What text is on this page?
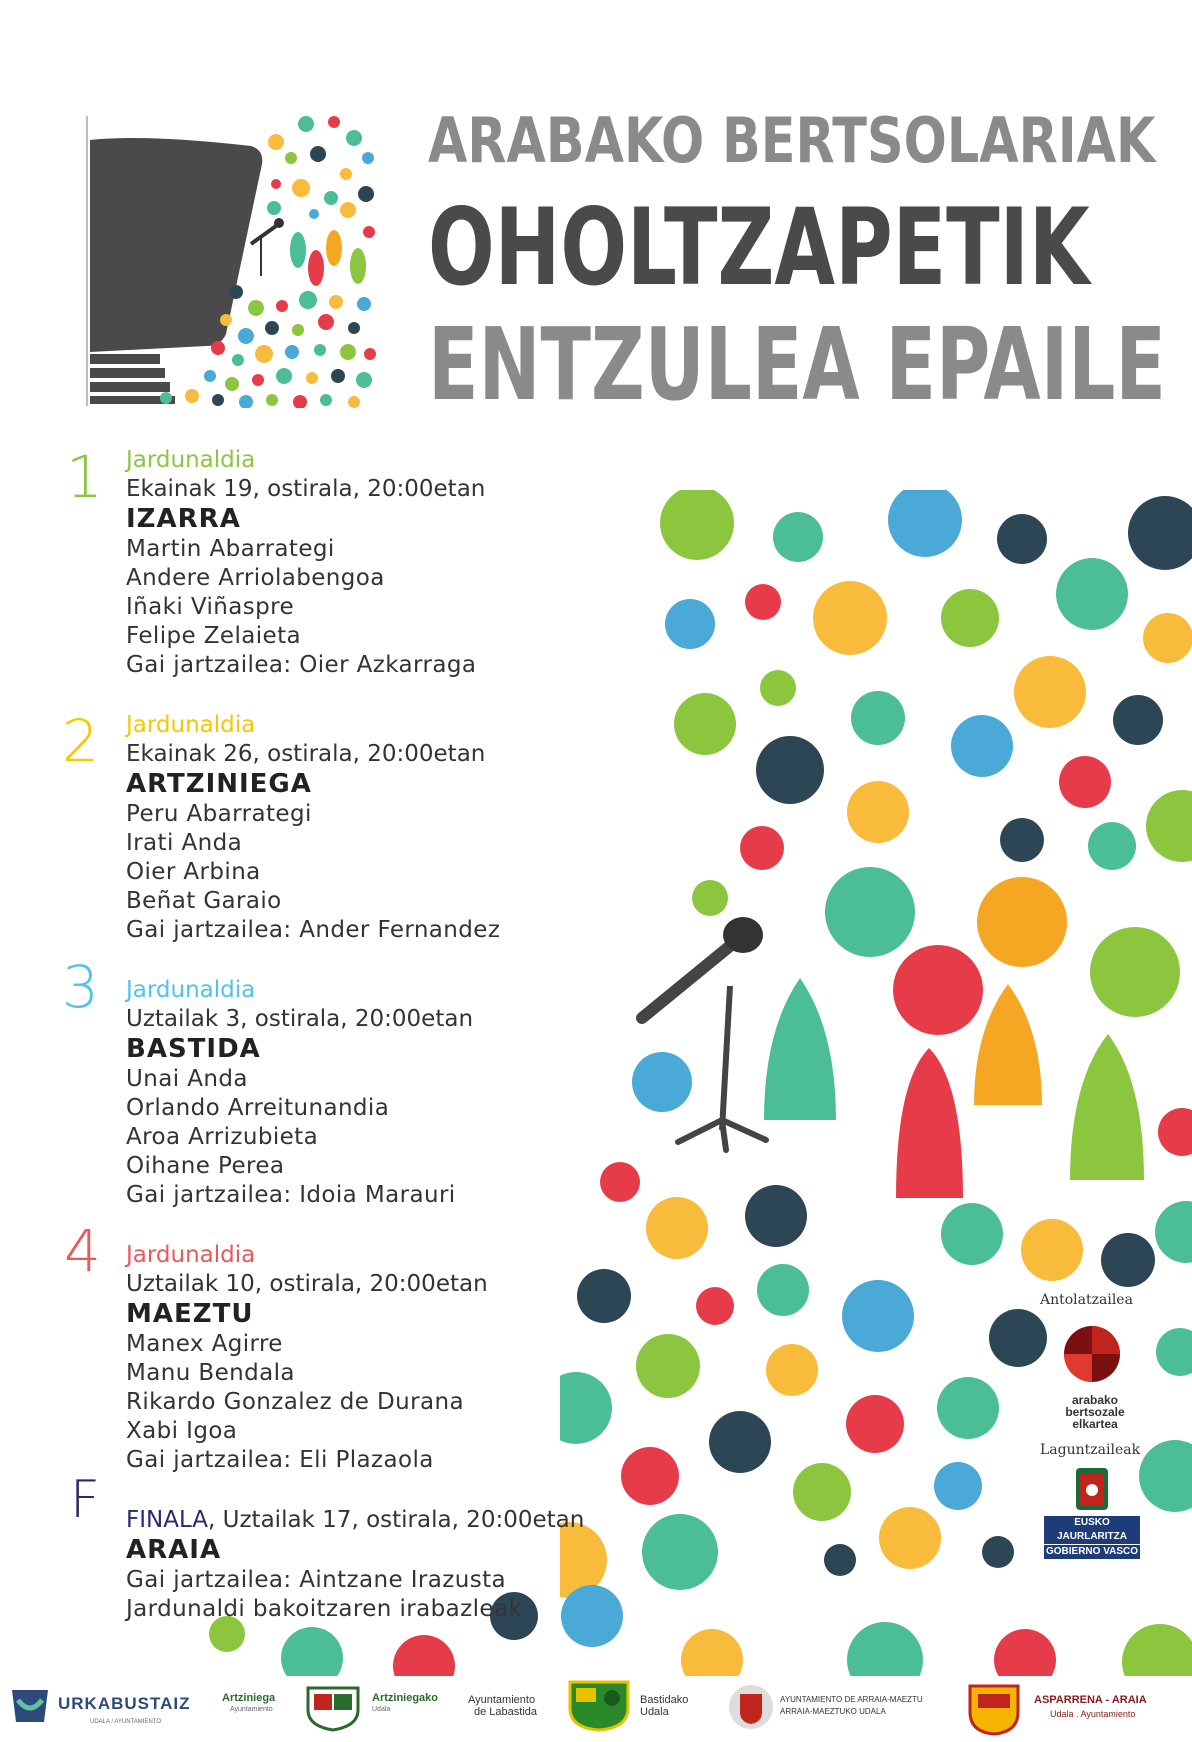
ARABAKO BERTSOLARIAK
OHOLTZAPETIK
ENTZULEA EPAILE
1 Jardunaldia
Ekainak 19, ostirala, 20:00etan
IZARRA
Martin Abarrategi
Andere Arriolabengoa
Iñaki Viñaspre
Felipe Zelaieta
Gai jartzailea: Oier Azkarraga
2 Jardunaldia
Ekainak 26, ostirala, 20:00etan
ARTZINIEGA
Peru Abarrategi
Irati Anda
Oier Arbina
Beñat Garaio
Gai jartzailea: Ander Fernandez
3 Jardunaldia
Uztailak 3, ostirala, 20:00etan
BASTIDA
Unai Anda
Orlando Arreitunandia
Aroa Arrizubieta
Oihane Perea
Gai jartzailea: Idoia Marauri
4 Jardunaldia
Uztailak 10, ostirala, 20:00etan
MAEZTU
Manex Agirre
Manu Bendala
Rikardo Gonzalez de Durana
Xabi Igoa
Gai jartzailea: Eli Plazaola
F FINALA, Uztailak 17, ostirala, 20:00etan
ARAIA
Gai jartzailea: Aintzane Irazusta
Jardunaldi bakoitzaren irabazleak
Antolatzailea
arabako bertsozale elkartea
Laguntzaileak
EUSKO JAURLARITZA
GOBIERNO VASCO
URKABUSTAIZ
UDALA / AYUNTAMIENTO
Artziniega
Ayuntamiento
Artziniegako
Udala
Ayuntamiento
de Labastida
Bastidako
Udala
AYUNTAMIENTO DE ARRAIA-MAEZTU
ARRAIA-MAEZTUKO UDALA
ASPARRENA - ARAIA
Udala . Ayuntamiento
